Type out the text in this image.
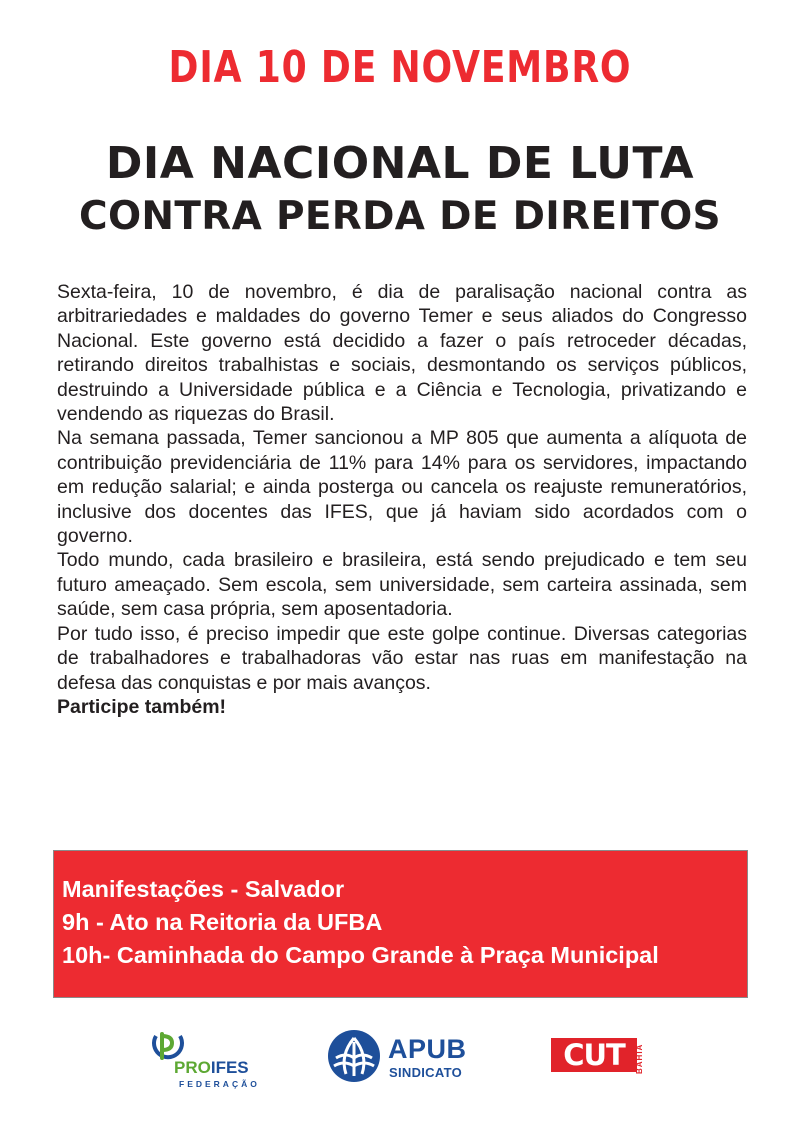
DIA 10 DE NOVEMBRO
DIA NACIONAL DE LUTA
CONTRA PERDA DE DIREITOS

Sexta-feira, 10 de novembro, é dia de paralisação nacional contra as arbitrariedades e maldades do governo Temer e seus aliados do Congresso Nacional. Este governo está decidido a fazer o país retroceder décadas, retirando direitos trabalhistas e sociais, desmontando os serviços públicos, destruindo a Universidade pública e a Ciência e Tecnologia, privatizando e vendendo as riquezas do Brasil.

Na semana passada, Temer sancionou a MP 805 que aumenta a alíquota de contribuição previdenciária de 11% para 14% para os servidores, impactando em redução salarial; e ainda posterga ou cancela os reajuste remuneratórios, inclusive dos docentes das IFES, que já haviam sido acordados com o governo.

Todo mundo, cada brasileiro e brasileira, está sendo prejudicado e tem seu futuro ameaçado. Sem escola, sem universidade, sem carteira assinada, sem saúde, sem casa própria, sem aposentadoria.

Por tudo isso, é preciso impedir que este golpe continue. Diversas categorias de trabalhadores e trabalhadoras vão estar nas ruas em manifestação na defesa das conquistas e por mais avanços.

Participe também!

Manifestações - Salvador
9h - Ato na Reitoria da UFBA
10h- Caminhada do Campo Grande à Praça Municipal
PROIFES
FEDERAÇÃO
APUB
SINDICATO
CUT	BAHIA
